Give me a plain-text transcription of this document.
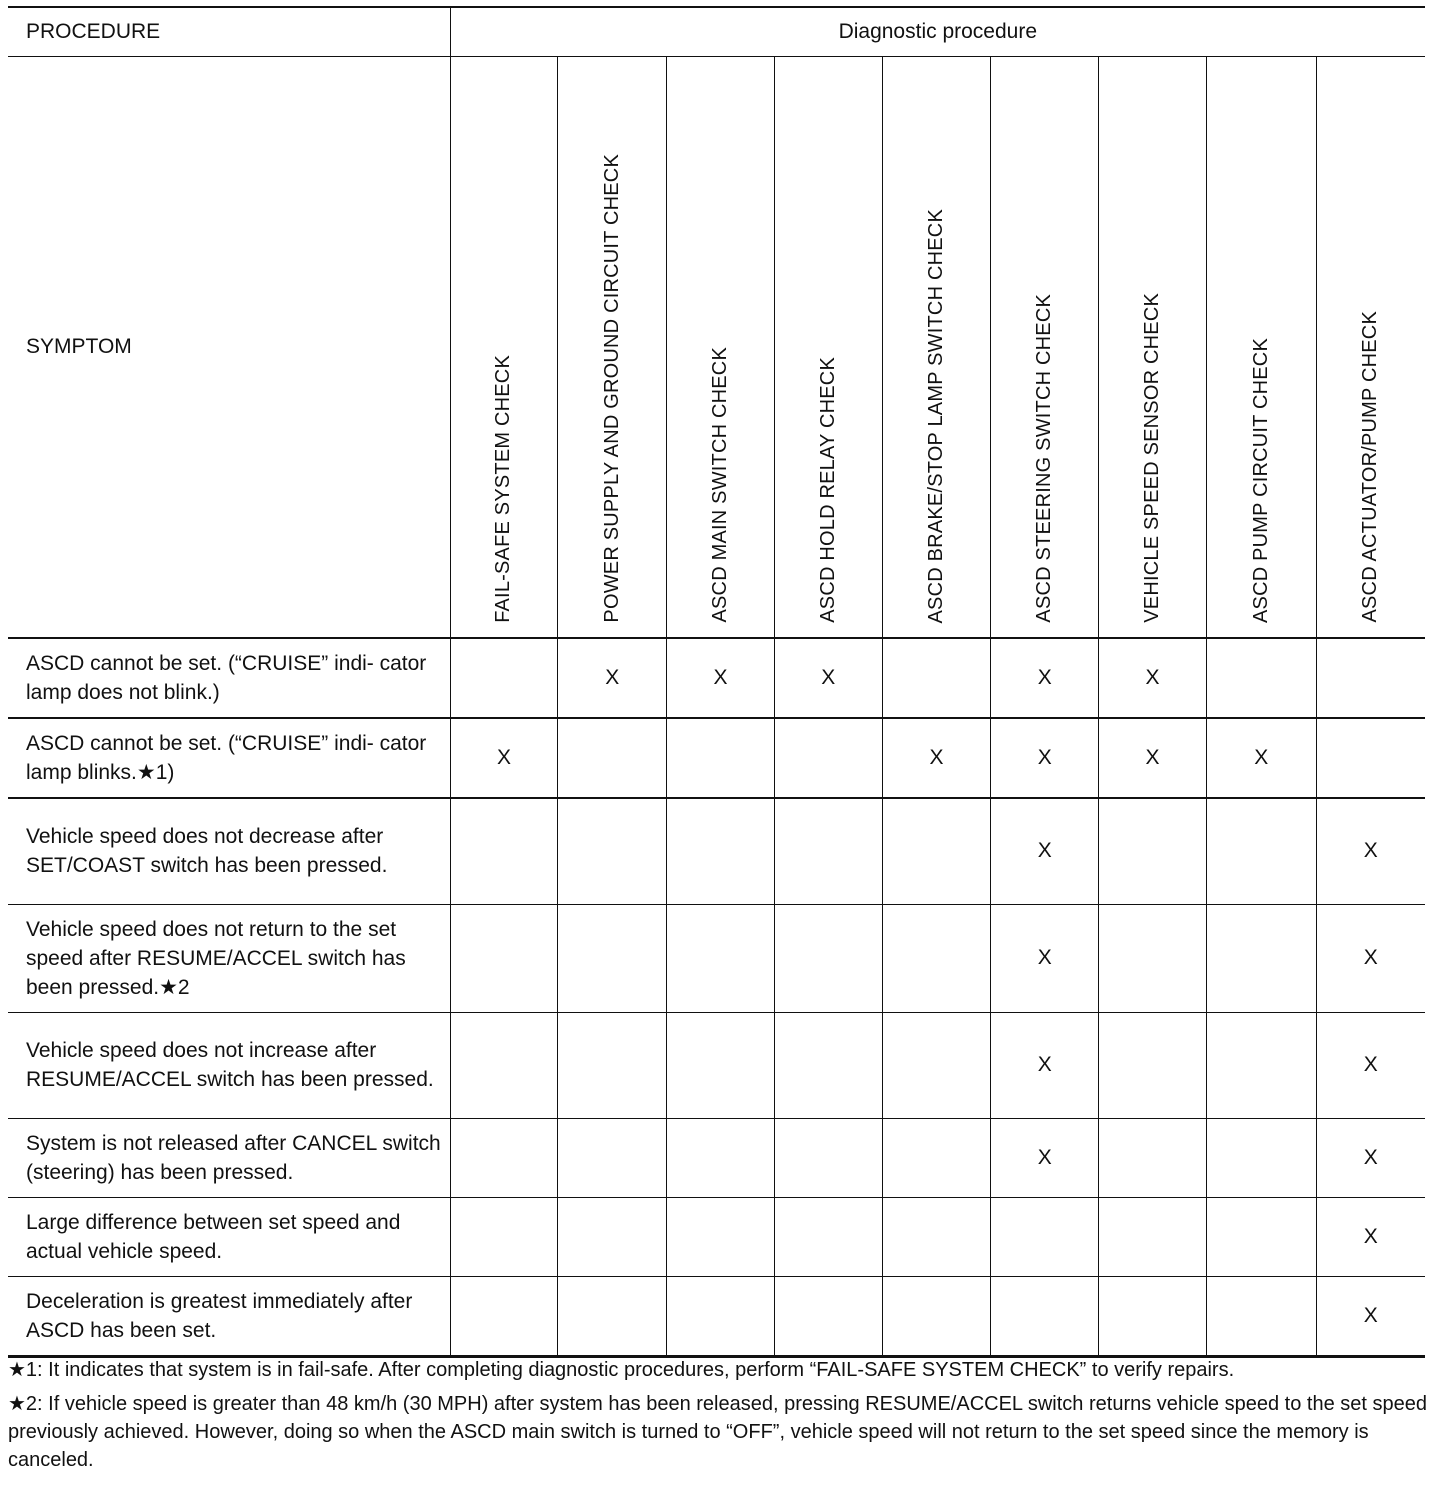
PROCEDURE	Diagnostic procedure								
SYMPTOM	FAIL-SAFE SYSTEM CHECK	POWER SUPPLY AND GROUND CIRCUIT CHECK	ASCD MAIN SWITCH CHECK	ASCD HOLD RELAY CHECK	ASCD BRAKE/STOP LAMP SWITCH CHECK	ASCD STEERING SWITCH CHECK	VEHICLE SPEED SENSOR CHECK	ASCD PUMP CIRCUIT CHECK	ASCD ACTUATOR/PUMP CHECK

ASCD cannot be set. (“CRUISE” indi- cator lamp does not blink.)		X	X	X		X	X		
ASCD cannot be set. (“CRUISE” indi- cator lamp blinks.★1)	X				X	X	X	X	
Vehicle speed does not decrease after SET/COAST switch has been pressed.						X			X
Vehicle speed does not return to the set speed after RESUME/ACCEL switch has been pressed.★2						X			X
Vehicle speed does not increase after RESUME/ACCEL switch has been pressed.						X			X
System is not released after CANCEL switch (steering) has been pressed.						X			X
Large difference between set speed and actual vehicle speed.									X
Deceleration is greatest immediately after ASCD has been set.									X

★1: It indicates that system is in fail-safe. After completing diagnostic procedures, perform “FAIL-SAFE SYSTEM CHECK” to verify repairs.

★2: If vehicle speed is greater than 48 km/h (30 MPH) after system has been released, pressing RESUME/ACCEL switch returns vehicle speed to the set speed previously achieved. However, doing so when the ASCD main switch is turned to “OFF”, vehicle speed will not return to the set speed since the memory is canceled.
